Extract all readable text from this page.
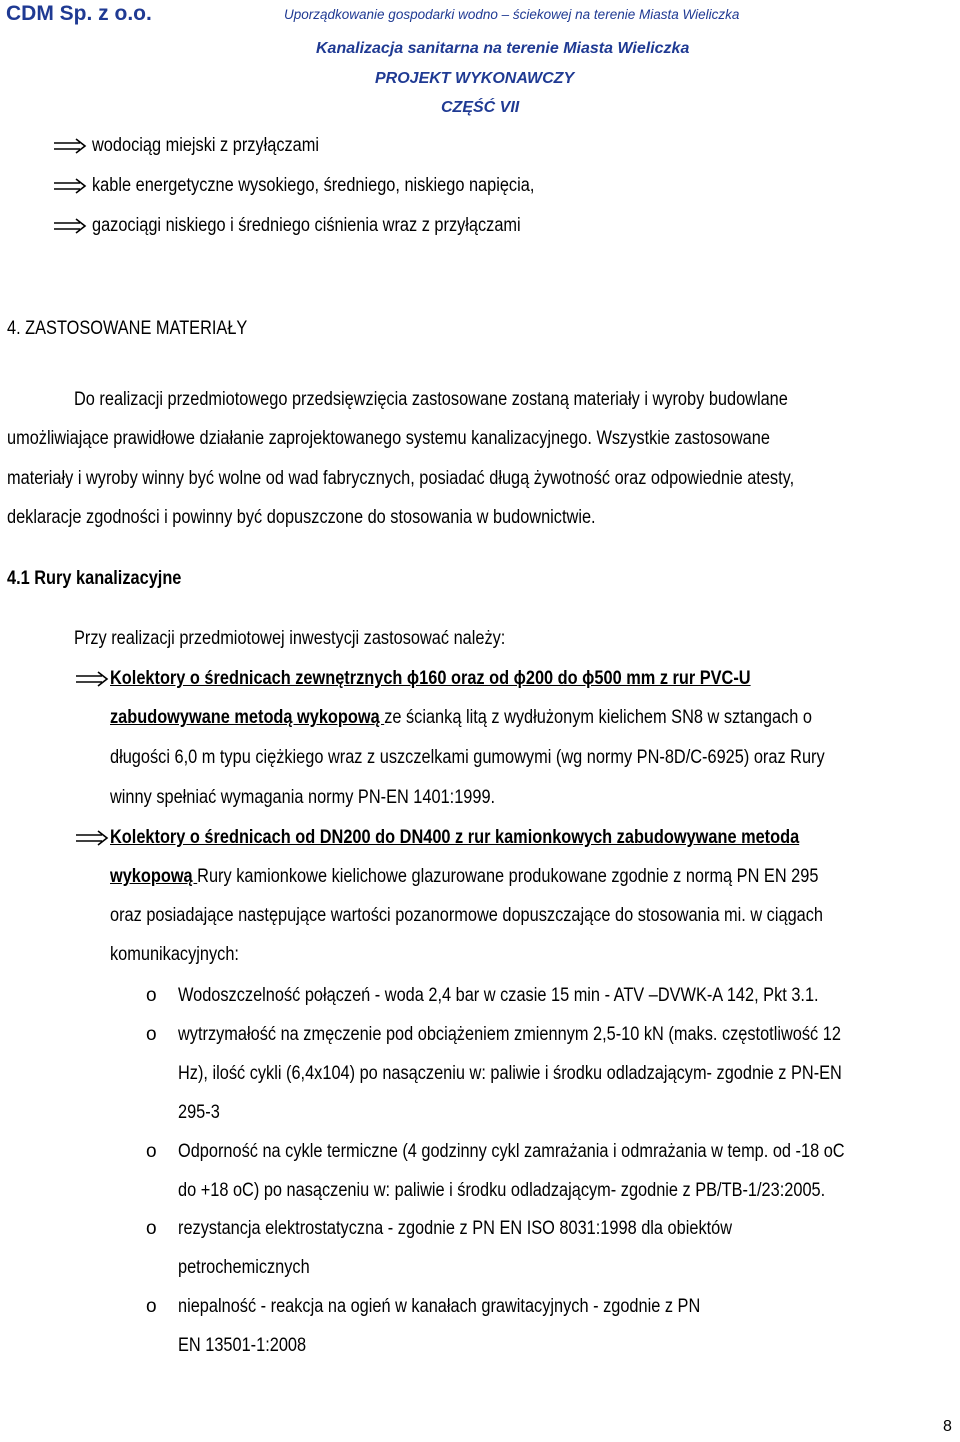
CDM Sp. z o.o.	Uporządkowanie gospodarki wodno – ściekowej na terenie Miasta Wieliczka
Kanalizacja sanitarna na terenie Miasta Wieliczka
PROJEKT WYKONAWCZY
CZĘŚĆ VII
wodociąg miejski z przyłączami
kable energetyczne wysokiego, średniego, niskiego napięcia,
gazociągi niskiego i średniego ciśnienia wraz z przyłączami
4. ZASTOSOWANE MATERIAŁY
Do realizacji przedmiotowego przedsięwzięcia zastosowane zostaną materiały i wyroby budowlane
umożliwiające prawidłowe działanie zaprojektowanego systemu kanalizacyjnego. Wszystkie zastosowane
materiały i wyroby winny być wolne od wad fabrycznych, posiadać długą żywotność oraz odpowiednie atesty,
deklaracje zgodności i powinny być dopuszczone do stosowania w budownictwie.
4.1 Rury kanalizacyjne
Przy realizacji przedmiotowej inwestycji zastosować należy:
Kolektory o średnicach zewnętrznych ϕ160 oraz od ϕ200 do ϕ500 mm z rur PVC-U
zabudowywane metodą wykopową ze ścianką litą z wydłużonym kielichem SN8 w sztangach o
długości 6,0 m typu ciężkiego wraz z uszczelkami gumowymi (wg normy PN-8D/C-6925) oraz Rury
winny spełniać wymagania normy PN-EN 1401:1999.
Kolektory o średnicach od DN200 do DN400 z rur kamionkowych zabudowywane metoda
wykopową Rury kamionkowe kielichowe glazurowane produkowane zgodnie z normą PN EN 295
oraz posiadające następujące wartości pozanormowe dopuszczające do stosowania mi. w ciągach
komunikacyjnych:
o Wodoszczelność połączeń - woda 2,4 bar w czasie 15 min - ATV –DVWK-A 142, Pkt 3.1.
o wytrzymałość na zmęczenie pod obciążeniem zmiennym 2,5-10 kN (maks. częstotliwość 12
Hz), ilość cykli (6,4x104) po nasączeniu w: paliwie i środku odladzającym- zgodnie z PN-EN
295-3
o Odporność na cykle termiczne (4 godzinny cykl zamrażania i odmrażania w temp. od -18 oC
do +18 oC) po nasączeniu w: paliwie i środku odladzającym- zgodnie z PB/TB-1/23:2005.
o rezystancja elektrostatyczna - zgodnie z PN EN ISO 8031:1998 dla obiektów
petrochemicznych
o niepalność - reakcja na ogień w kanałach grawitacyjnych - zgodnie z PN
EN 13501-1:2008
8
